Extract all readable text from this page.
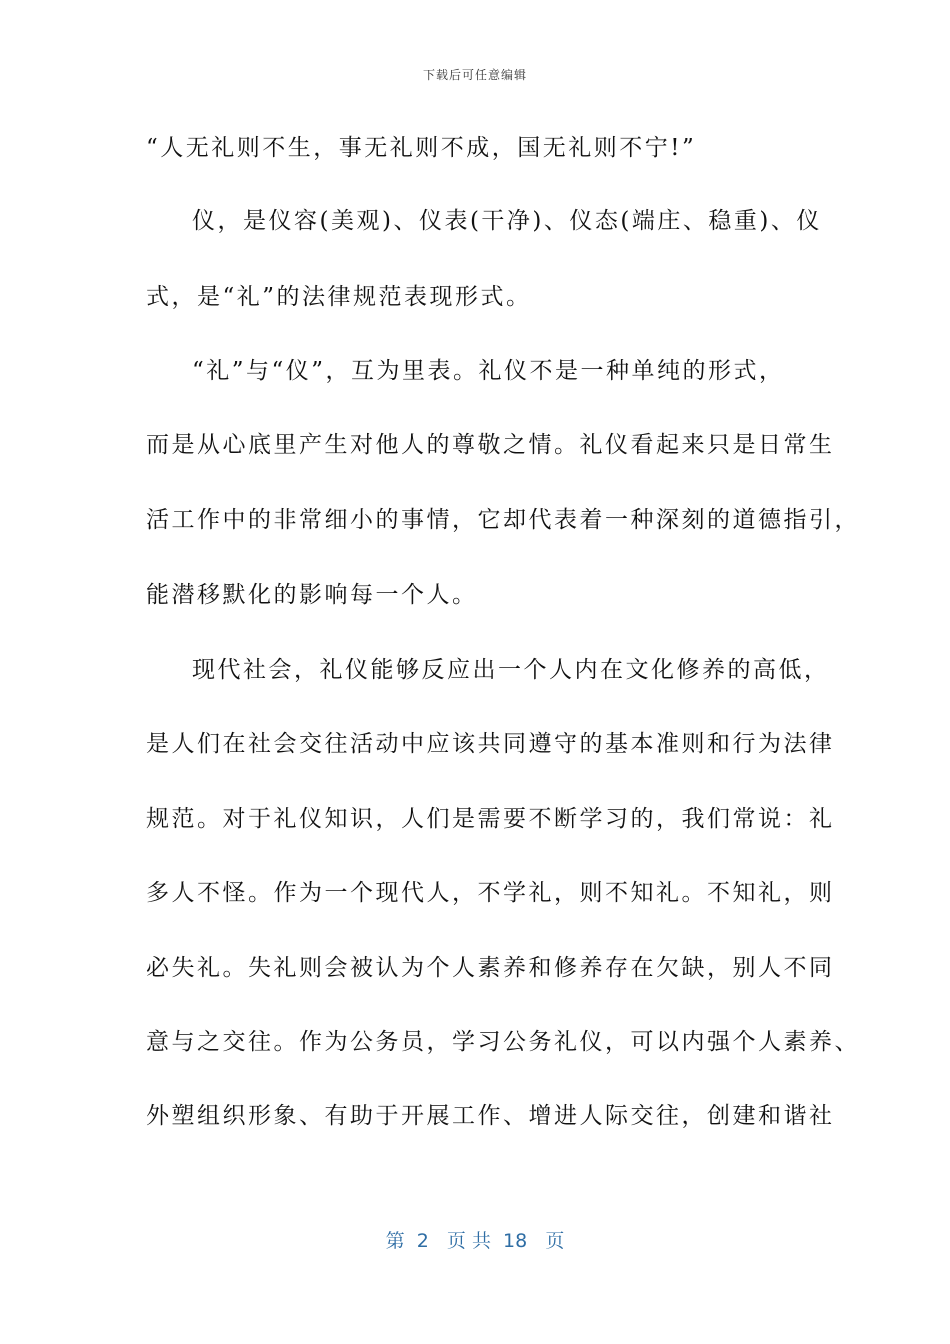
下载后可任意编辑
“人无礼则不生，事无礼则不成，国无礼则不宁!”
仪，是仪容(美观)、仪表(干净)、仪态(端庄、稳重)、仪
式，是“礼”的法律规范表现形式。
“礼”与“仪”，互为里表。礼仪不是一种单纯的形式，
而是从心底里产生对他人的尊敬之情。礼仪看起来只是日常生
活工作中的非常细小的事情，它却代表着一种深刻的道德指引，
能潜移默化的影响每一个人。
现代社会，礼仪能够反应出一个人内在文化修养的高低，
是人们在社会交往活动中应该共同遵守的基本准则和行为法律
规范。对于礼仪知识，人们是需要不断学习的，我们常说：礼
多人不怪。作为一个现代人，不学礼，则不知礼。不知礼，则
必失礼。失礼则会被认为个人素养和修养存在欠缺，别人不同
意与之交往。作为公务员，学习公务礼仪，可以内强个人素养、
外塑组织形象、有助于开展工作、增进人际交往，创建和谐社
第  2   页 共  18   页
